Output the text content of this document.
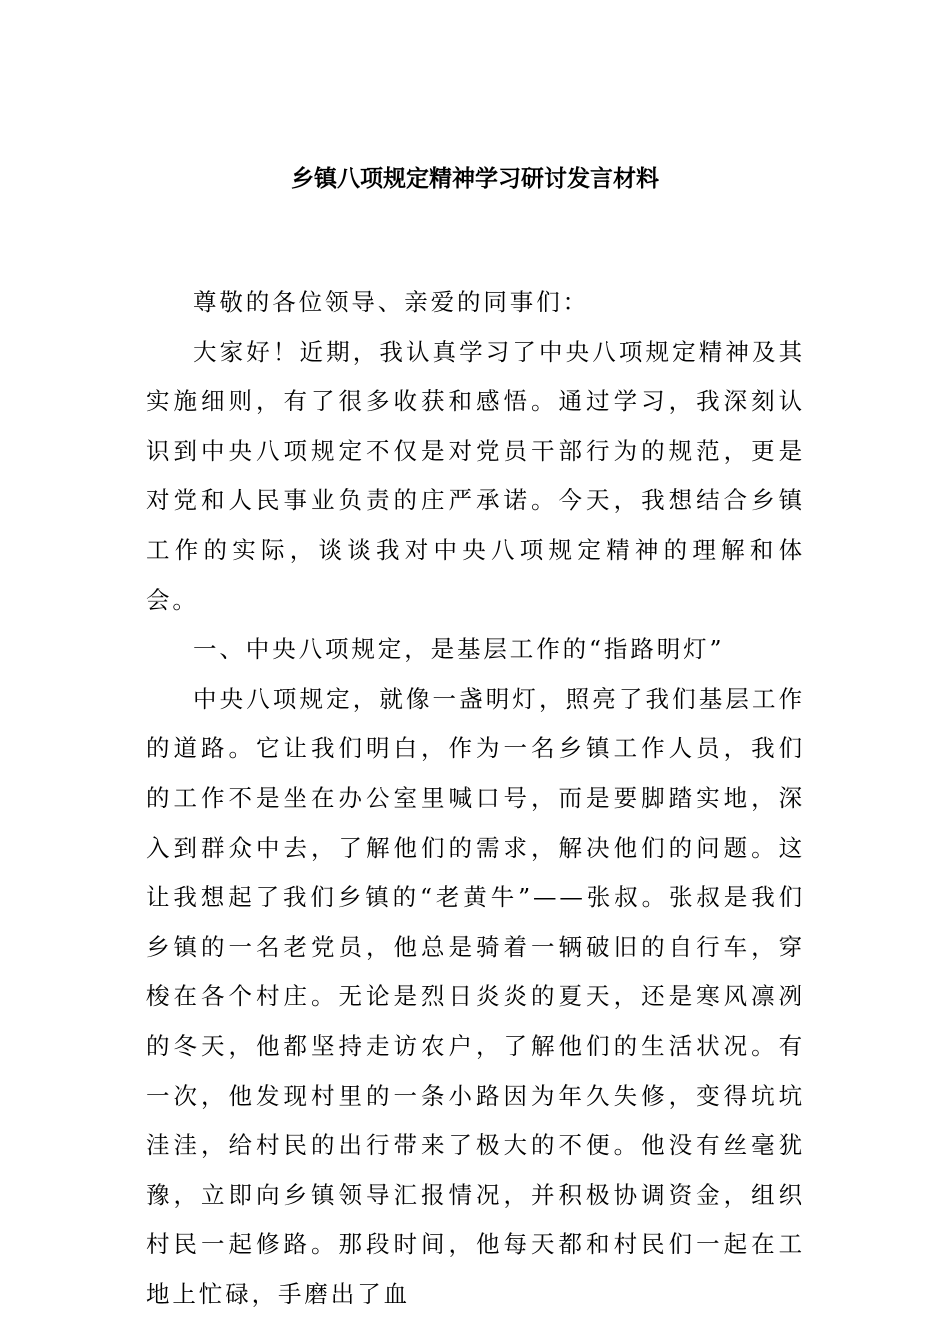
乡镇八项规定精神学习研讨发言材料

尊敬的各位领导、亲爱的同事们：

大家好！近期，我认真学习了中央八项规定精神及其实施细则，有了很多收获和感悟。通过学习，我深刻认识到中央八项规定不仅是对党员干部行为的规范，更是对党和人民事业负责的庄严承诺。今天，我想结合乡镇工作的实际，谈谈我对中央八项规定精神的理解和体会。

一、中央八项规定，是基层工作的“指路明灯”

中央八项规定，就像一盏明灯，照亮了我们基层工作的道路。它让我们明白，作为一名乡镇工作人员，我们的工作不是坐在办公室里喊口号，而是要脚踏实地，深入到群众中去，了解他们的需求，解决他们的问题。这让我想起了我们乡镇的“老黄牛”——张叔。张叔是我们乡镇的一名老党员，他总是骑着一辆破旧的自行车，穿梭在各个村庄。无论是烈日炎炎的夏天，还是寒风凛冽的冬天，他都坚持走访农户，了解他们的生活状况。有一次，他发现村里的一条小路因为年久失修，变得坑坑洼洼，给村民的出行带来了极大的不便。他没有丝毫犹豫，立即向乡镇领导汇报情况，并积极协调资金，组织村民一起修路。那段时间，他每天都和村民们一起在工地上忙碌，手磨出了血
